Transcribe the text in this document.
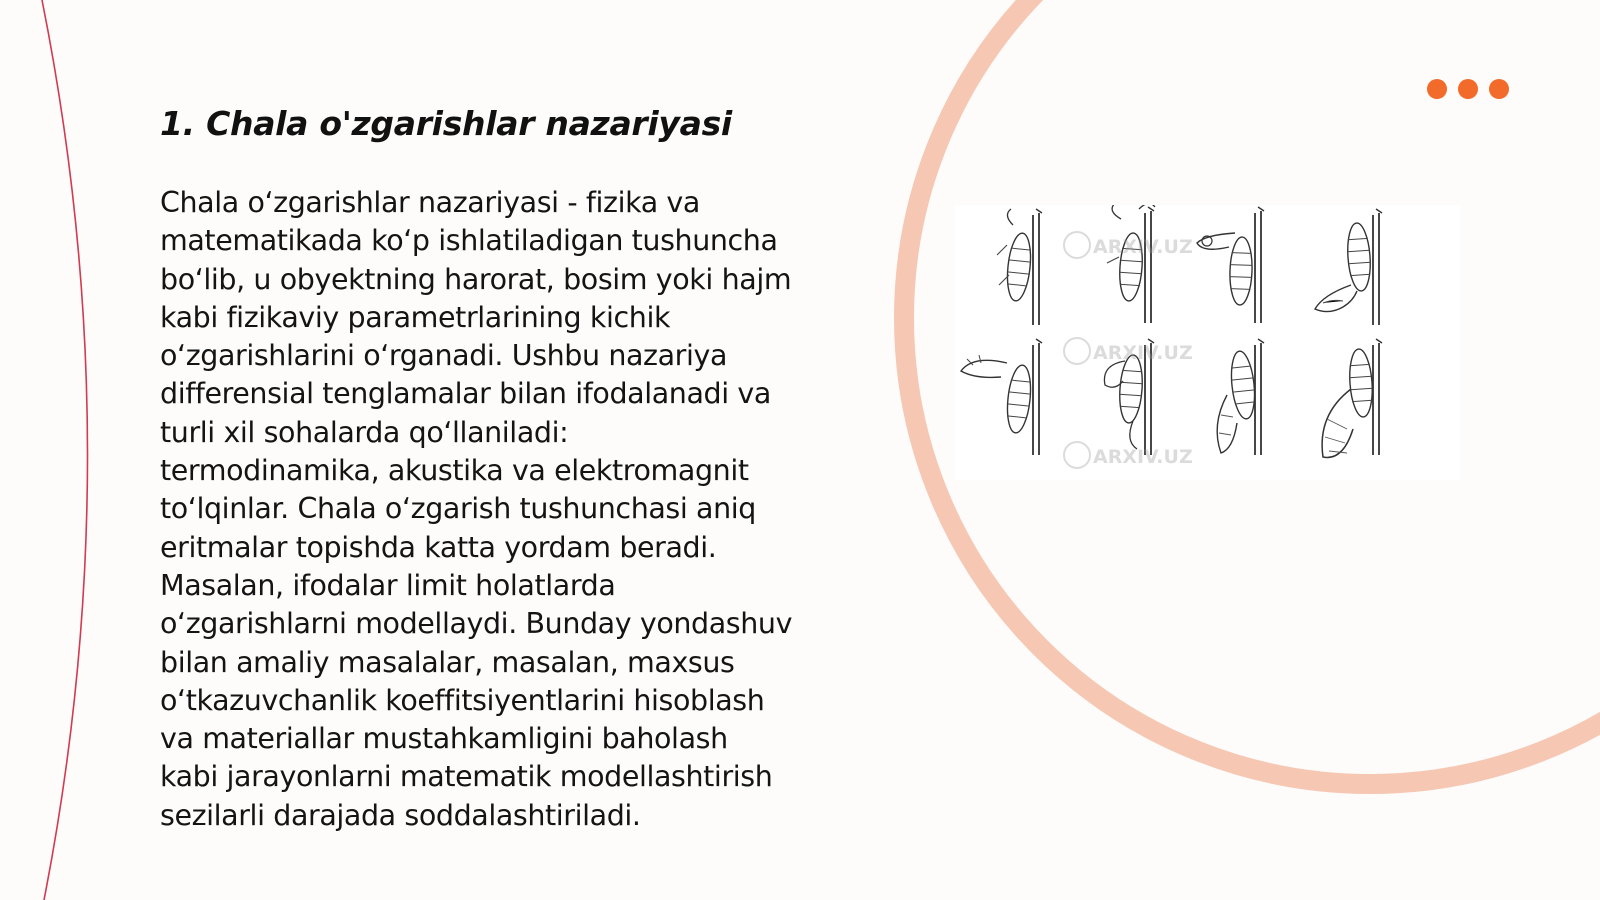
1. Chala o'zgarishlar nazariyasi

Chala oʻzgarishlar nazariyasi - fizika va
matematikada koʻp ishlatiladigan tushuncha
boʻlib, u obyektning harorat, bosim yoki hajm
kabi fizikaviy parametrlarining kichik
oʻzgarishlarini oʻrganadi. Ushbu nazariya
differensial tenglamalar bilan ifodalanadi va
turli xil sohalarda qoʻllaniladi:
termodinamika, akustika va elektromagnit
toʻlqinlar. Chala oʻzgarish tushunchasi aniq
eritmalar topishda katta yordam beradi.
Masalan, ifodalar limit holatlarda
oʻzgarishlarni modellaydi. Bunday yondashuv
bilan amaliy masalalar, masalan, maxsus
oʻtkazuvchanlik koeffitsiyentlarini hisoblash
va materiallar mustahkamligini baholash
kabi jarayonlarni matematik modellashtirish
sezilarli darajada soddalashtiriladi.

ARXIV.UZ
ARXIV.UZ
ARXIV.UZ
